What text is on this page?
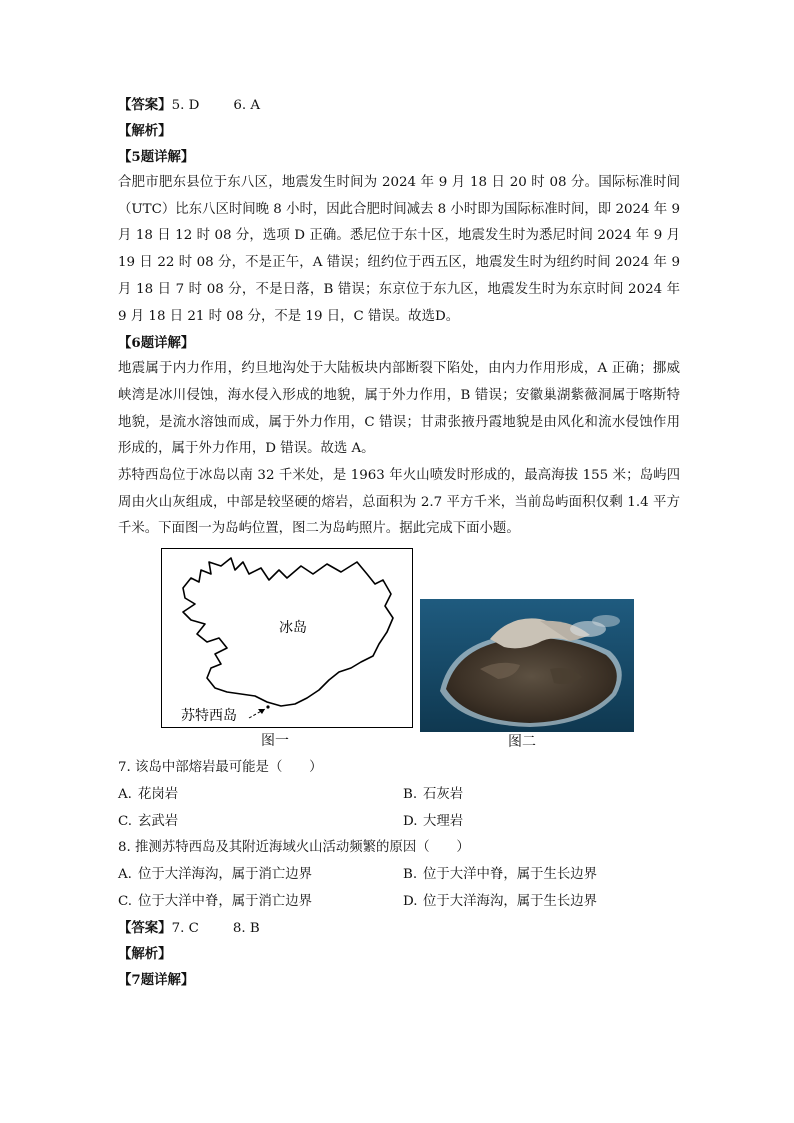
【答案】5. D	6. A
【解析】
【5题详解】
合肥市肥东县位于东八区，地震发生时间为 2024 年 9 月 18 日 20 时 08 分。国际标准时间（UTC）比东八区时间晚 8 小时，因此合肥时间减去 8 小时即为国际标准时间，即 2024 年 9 月 18 日 12 时 08 分，选项 D 正确。悉尼位于东十区，地震发生时为悉尼时间 2024 年 9 月 19 日 22 时 08 分，不是正午，A 错误；纽约位于西五区，地震发生时为纽约时间 2024 年 9 月 18 日 7 时 08 分，不是日落，B 错误；东京位于东九区，地震发生时为东京时间 2024 年 9 月 18 日 21 时 08 分，不是 19 日，C 错误。故选D。
【6题详解】
地震属于内力作用，约旦地沟处于大陆板块内部断裂下陷处，由内力作用形成，A 正确；挪威峡湾是冰川侵蚀，海水侵入形成的地貌，属于外力作用，B 错误；安徽巢湖紫薇洞属于喀斯特地貌，是流水溶蚀而成，属于外力作用，C 错误；甘肃张掖丹霞地貌是由风化和流水侵蚀作用形成的，属于外力作用，D 错误。故选 A。
苏特西岛位于冰岛以南 32 千米处，是 1963 年火山喷发时形成的，最高海拔 155 米；岛屿四周由火山灰组成，中部是较坚硬的熔岩，总面积为 2.7 平方千米，当前岛屿面积仅剩 1.4 平方千米。下面图一为岛屿位置，图二为岛屿照片。据此完成下面小题。
冰岛
苏特西岛
图一	图二
7. 该岛中部熔岩最可能是（　　）
A. 花岗岩	B. 石灰岩
C. 玄武岩	D. 大理岩
8. 推测苏特西岛及其附近海域火山活动频繁的原因（　　）
A. 位于大洋海沟，属于消亡边界	B. 位于大洋中脊，属于生长边界
C. 位于大洋中脊，属于消亡边界	D. 位于大洋海沟，属于生长边界
【答案】7. C	8. B
【解析】
【7题详解】
